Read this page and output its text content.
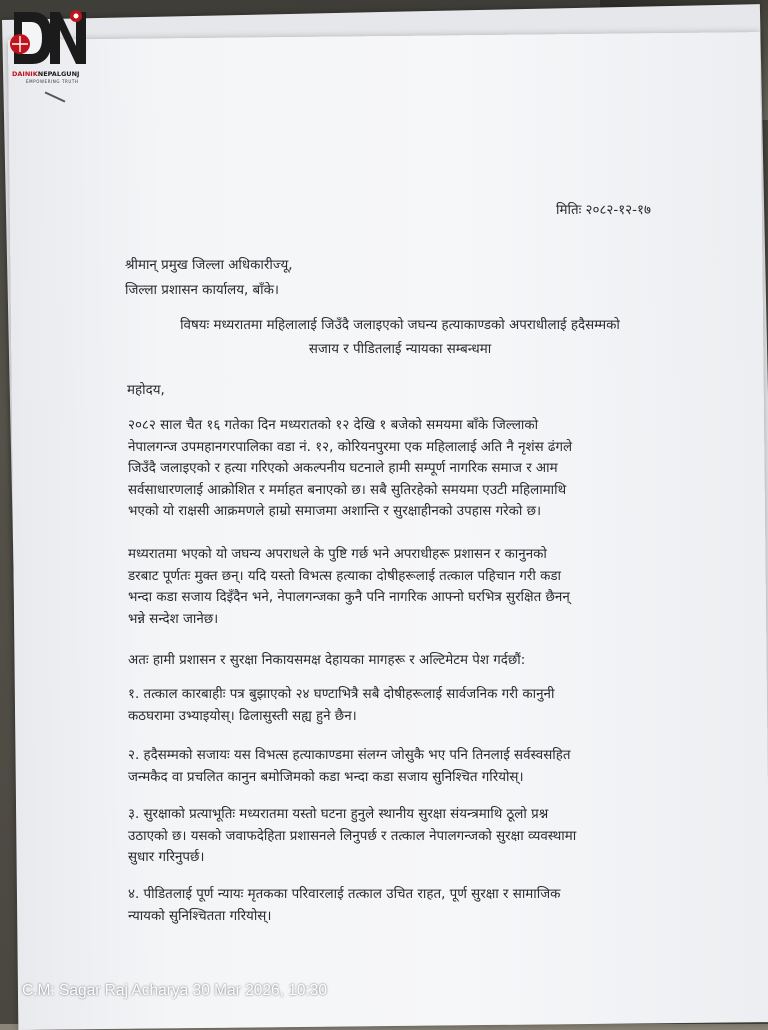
DAINIKNEPALGUNJ
EMPOWERING TRUTH
मितिः २०८२-१२-१७
श्रीमान् प्रमुख जिल्ला अधिकारीज्यू,
जिल्ला प्रशासन कार्यालय, बाँके।
विषयः मध्यरातमा महिलालाई जिउँदै जलाइएको जघन्य हत्याकाण्डको अपराधीलाई हदैसम्मको
सजाय र पीडितलाई न्यायका सम्बन्धमा
महोदय,
२०८२ साल चैत १६ गतेका दिन मध्यरातको १२ देखि १ बजेको समयमा बाँके जिल्लाको
नेपालगन्ज उपमहानगरपालिका वडा नं. १२, कोरियनपुरमा एक महिलालाई अति नै नृशंस ढंगले
जिउँदै जलाइएको र हत्या गरिएको अकल्पनीय घटनाले हामी सम्पूर्ण नागरिक समाज र आम
सर्वसाधारणलाई आक्रोशित र मर्माहत बनाएको छ। सबै सुतिरहेको समयमा एउटी महिलामाथि
भएको यो राक्षसी आक्रमणले हाम्रो समाजमा अशान्ति र सुरक्षाहीनको उपहास गरेको छ।
मध्यरातमा भएको यो जघन्य अपराधले के पुष्टि गर्छ भने अपराधीहरू प्रशासन र कानुनको
डरबाट पूर्णतः मुक्त छन्। यदि यस्तो विभत्स हत्याका दोषीहरूलाई तत्काल पहिचान गरी कडा
भन्दा कडा सजाय दिइँदैन भने, नेपालगन्जका कुनै पनि नागरिक आफ्नो घरभित्र सुरक्षित छैनन्
भन्ने सन्देश जानेछ।
अतः हामी प्रशासन र सुरक्षा निकायसमक्ष देहायका मागहरू र अल्टिमेटम पेश गर्दछौं:
१. तत्काल कारबाहीः पत्र बुझाएको २४ घण्टाभित्रै सबै दोषीहरूलाई सार्वजनिक गरी कानुनी
कठघरामा उभ्याइयोस्। ढिलासुस्ती सह्य हुने छैन।
२. हदैसम्मको सजायः यस विभत्स हत्याकाण्डमा संलग्न जोसुकै भए पनि तिनलाई सर्वस्वसहित
जन्मकैद वा प्रचलित कानुन बमोजिमको कडा भन्दा कडा सजाय सुनिश्चित गरियोस्।
३. सुरक्षाको प्रत्याभूतिः मध्यरातमा यस्तो घटना हुनुले स्थानीय सुरक्षा संयन्त्रमाथि ठूलो प्रश्न
उठाएको छ। यसको जवाफदेहिता प्रशासनले लिनुपर्छ र तत्काल नेपालगन्जको सुरक्षा व्यवस्थामा
सुधार गरिनुपर्छ।
४. पीडितलाई पूर्ण न्यायः मृतकका परिवारलाई तत्काल उचित राहत, पूर्ण सुरक्षा र सामाजिक
न्यायको सुनिश्चितता गरियोस्।
C.M: Sagar Raj Acharya 30 Mar 2026, 10:30
